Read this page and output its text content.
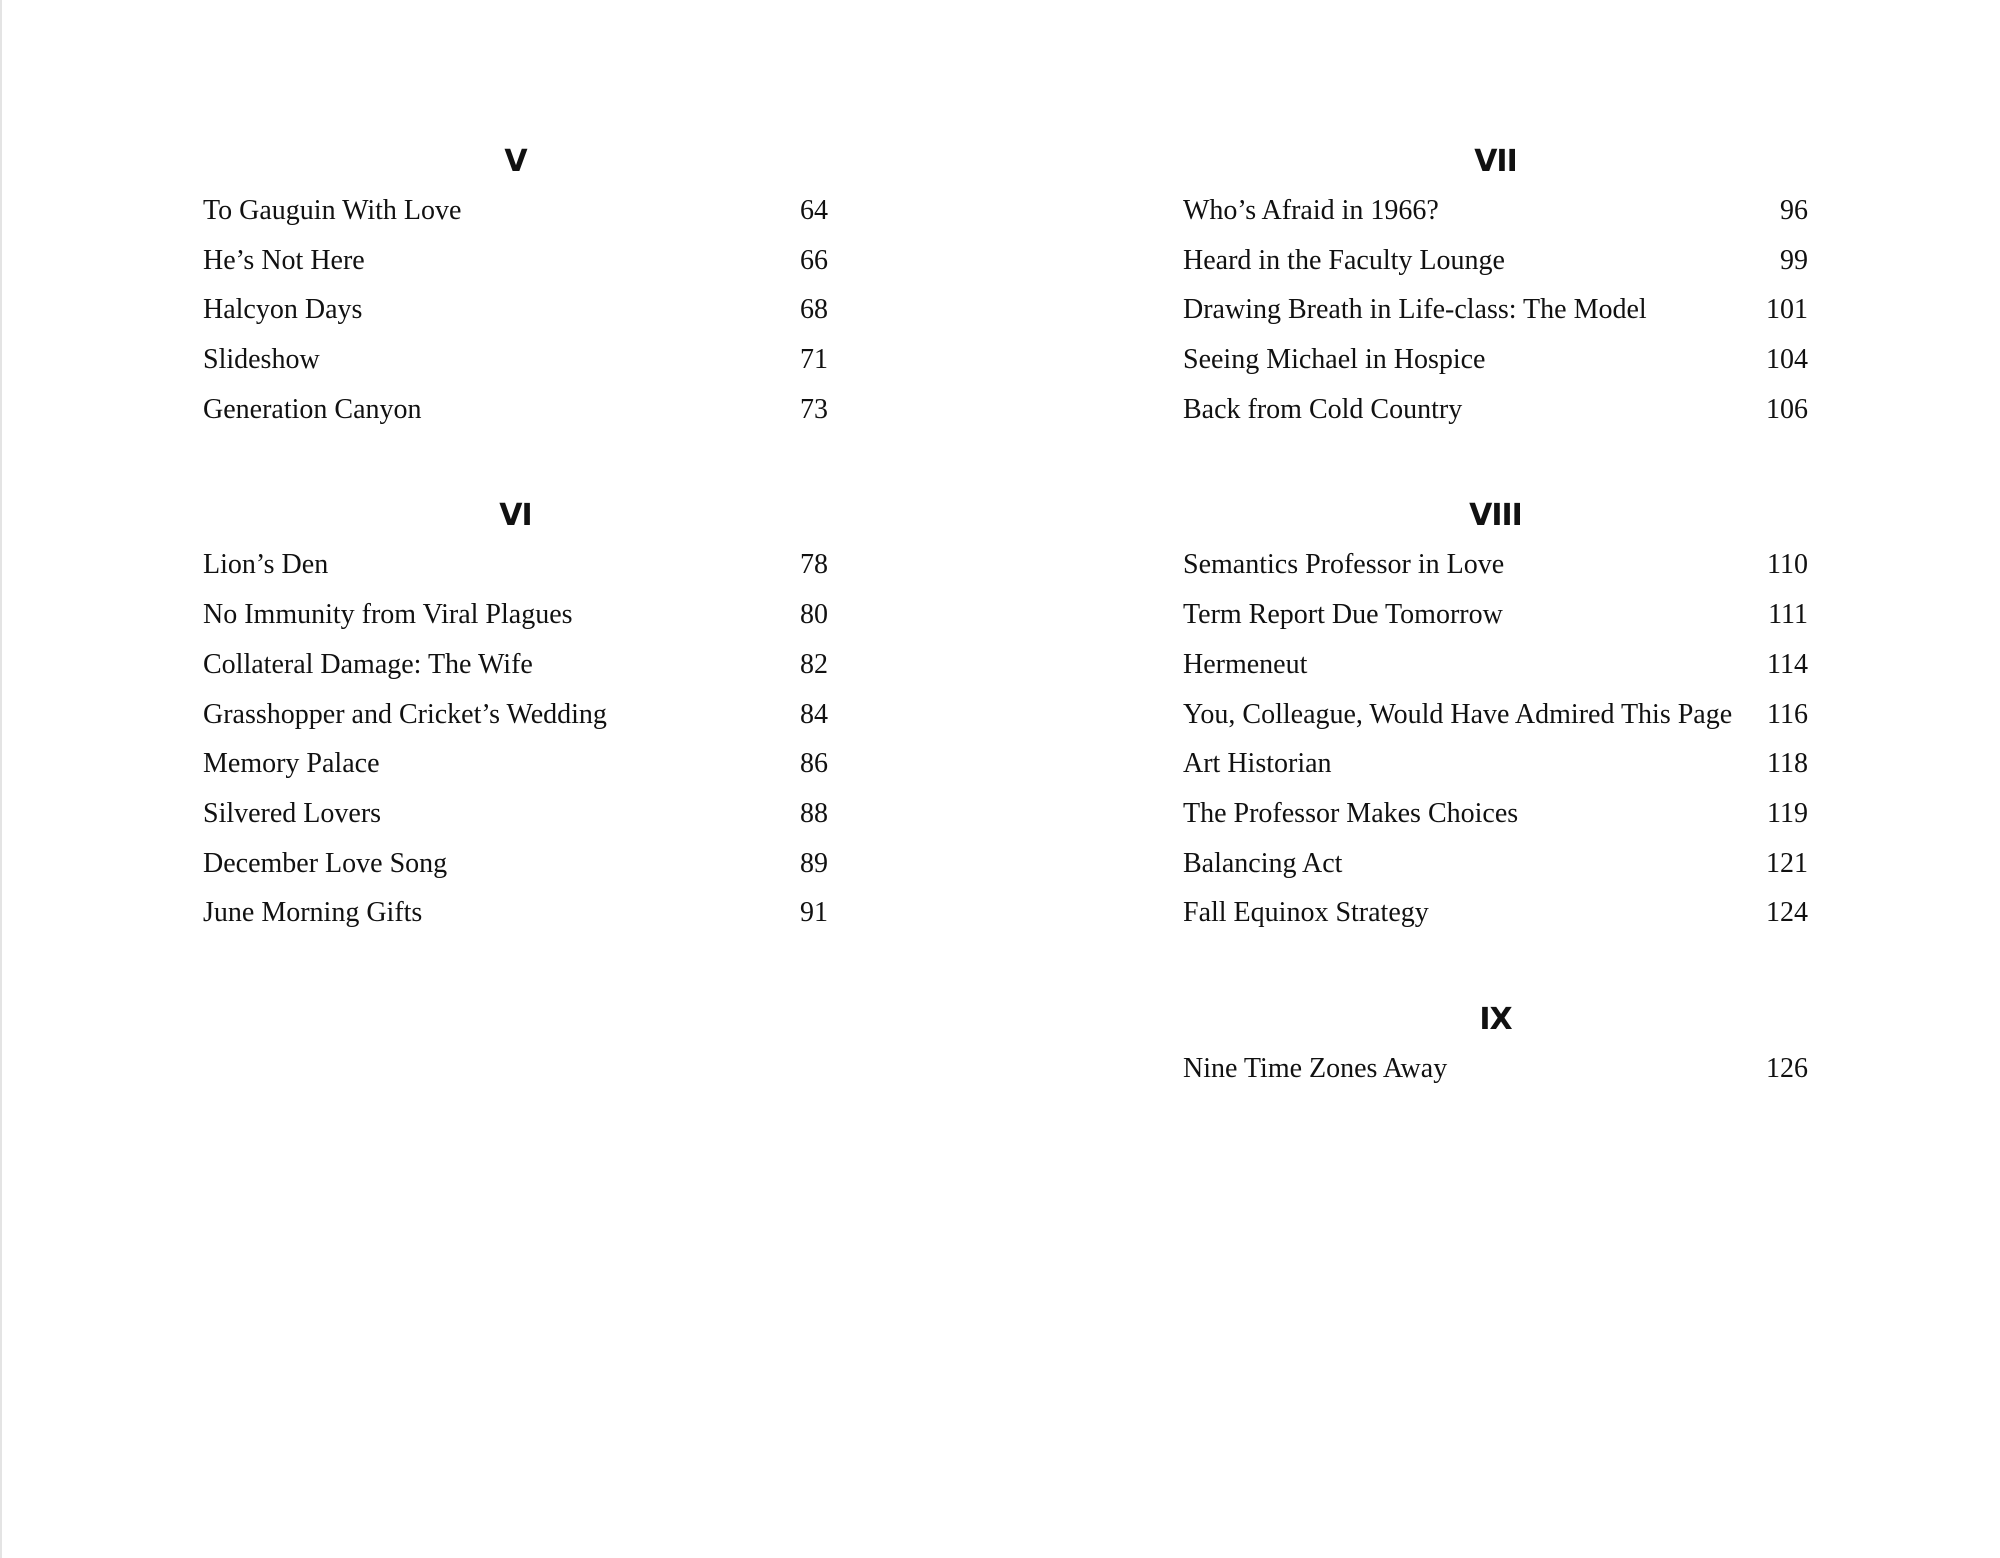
V
To Gauguin With Love	64
He’s Not Here	66
Halcyon Days	68
Slideshow	71
Generation Canyon	73
VI
Lion’s Den	78
No Immunity from Viral Plagues	80
Collateral Damage: The Wife	82
Grasshopper and Cricket’s Wedding	84
Memory Palace	86
Silvered Lovers	88
December Love Song	89
June Morning Gifts	91
VII
Who’s Afraid in 1966?	96
Heard in the Faculty Lounge	99
Drawing Breath in Life-class: The Model	101
Seeing Michael in Hospice	104
Back from Cold Country	106
VIII
Semantics Professor in Love	110
Term Report Due Tomorrow	111
Hermeneut	114
You, Colleague, Would Have Admired This Page 116
Art Historian	118
The Professor Makes Choices	119
Balancing Act	121
Fall Equinox Strategy	124
IX
Nine Time Zones Away	126
